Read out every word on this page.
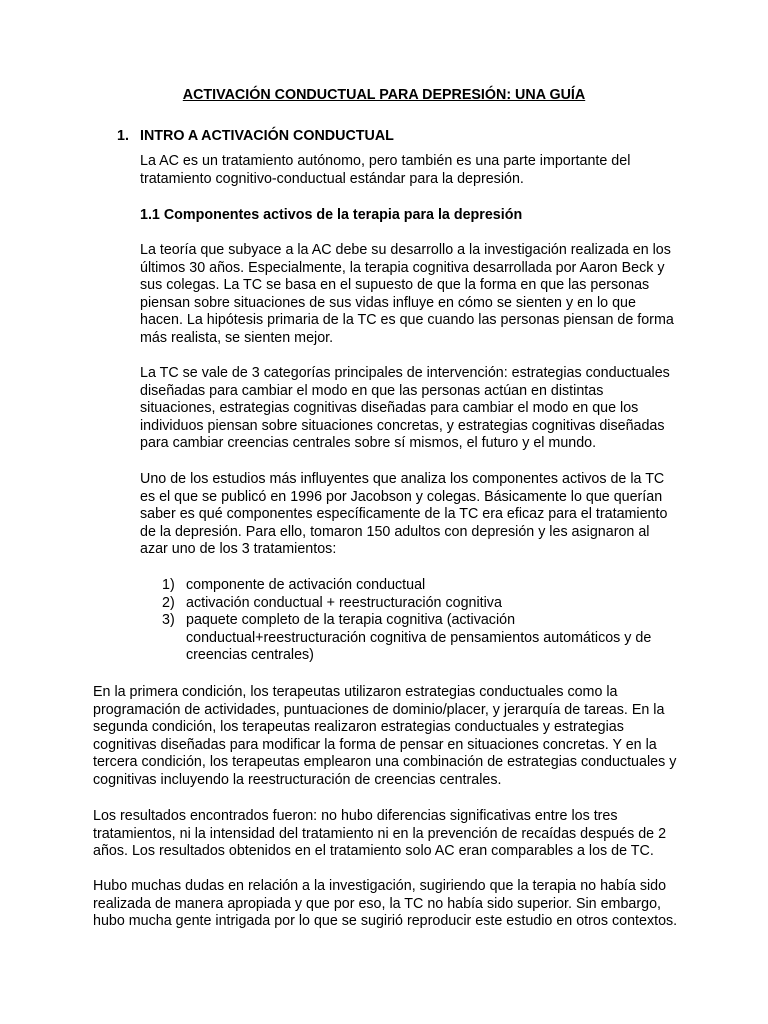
ACTIVACIÓN CONDUCTUAL PARA DEPRESIÓN: UNA GUÍA
1. INTRO A ACTIVACIÓN CONDUCTUAL
La AC es un tratamiento autónomo, pero también es una parte importante del
tratamiento cognitivo-conductual estándar para la depresión.
1.1 Componentes activos de la terapia para la depresión
La teoría que subyace a la AC debe su desarrollo a la investigación realizada en los
últimos 30 años. Especialmente, la terapia cognitiva desarrollada por Aaron Beck y
sus colegas. La TC se basa en el supuesto de que la forma en que las personas
piensan sobre situaciones de sus vidas influye en cómo se sienten y en lo que
hacen. La hipótesis primaria de la TC es que cuando las personas piensan de forma
más realista, se sienten mejor.
La TC se vale de 3 categorías principales de intervención: estrategias conductuales
diseñadas para cambiar el modo en que las personas actúan en distintas
situaciones, estrategias cognitivas diseñadas para cambiar el modo en que los
individuos piensan sobre situaciones concretas, y estrategias cognitivas diseñadas
para cambiar creencias centrales sobre sí mismos, el futuro y el mundo.
Uno de los estudios más influyentes que analiza los componentes activos de la TC
es el que se publicó en 1996 por Jacobson y colegas. Básicamente lo que querían
saber es qué componentes específicamente de la TC era eficaz para el tratamiento
de la depresión. Para ello, tomaron 150 adultos con depresión y les asignaron al
azar uno de los 3 tratamientos:
1) componente de activación conductual
2) activación conductual + reestructuración cognitiva
3) paquete completo de la terapia cognitiva (activación
conductual+reestructuración cognitiva de pensamientos automáticos y de
creencias centrales)
En la primera condición, los terapeutas utilizaron estrategias conductuales como la
programación de actividades, puntuaciones de dominio/placer, y jerarquía de tareas. En la
segunda condición, los terapeutas realizaron estrategias conductuales y estrategias
cognitivas diseñadas para modificar la forma de pensar en situaciones concretas. Y en la
tercera condición, los terapeutas emplearon una combinación de estrategias conductuales y
cognitivas incluyendo la reestructuración de creencias centrales.
Los resultados encontrados fueron: no hubo diferencias significativas entre los tres
tratamientos, ni la intensidad del tratamiento ni en la prevención de recaídas después de 2
años. Los resultados obtenidos en el tratamiento solo AC eran comparables a los de TC.
Hubo muchas dudas en relación a la investigación, sugiriendo que la terapia no había sido
realizada de manera apropiada y que por eso, la TC no había sido superior. Sin embargo,
hubo mucha gente intrigada por lo que se sugirió reproducir este estudio en otros contextos.
